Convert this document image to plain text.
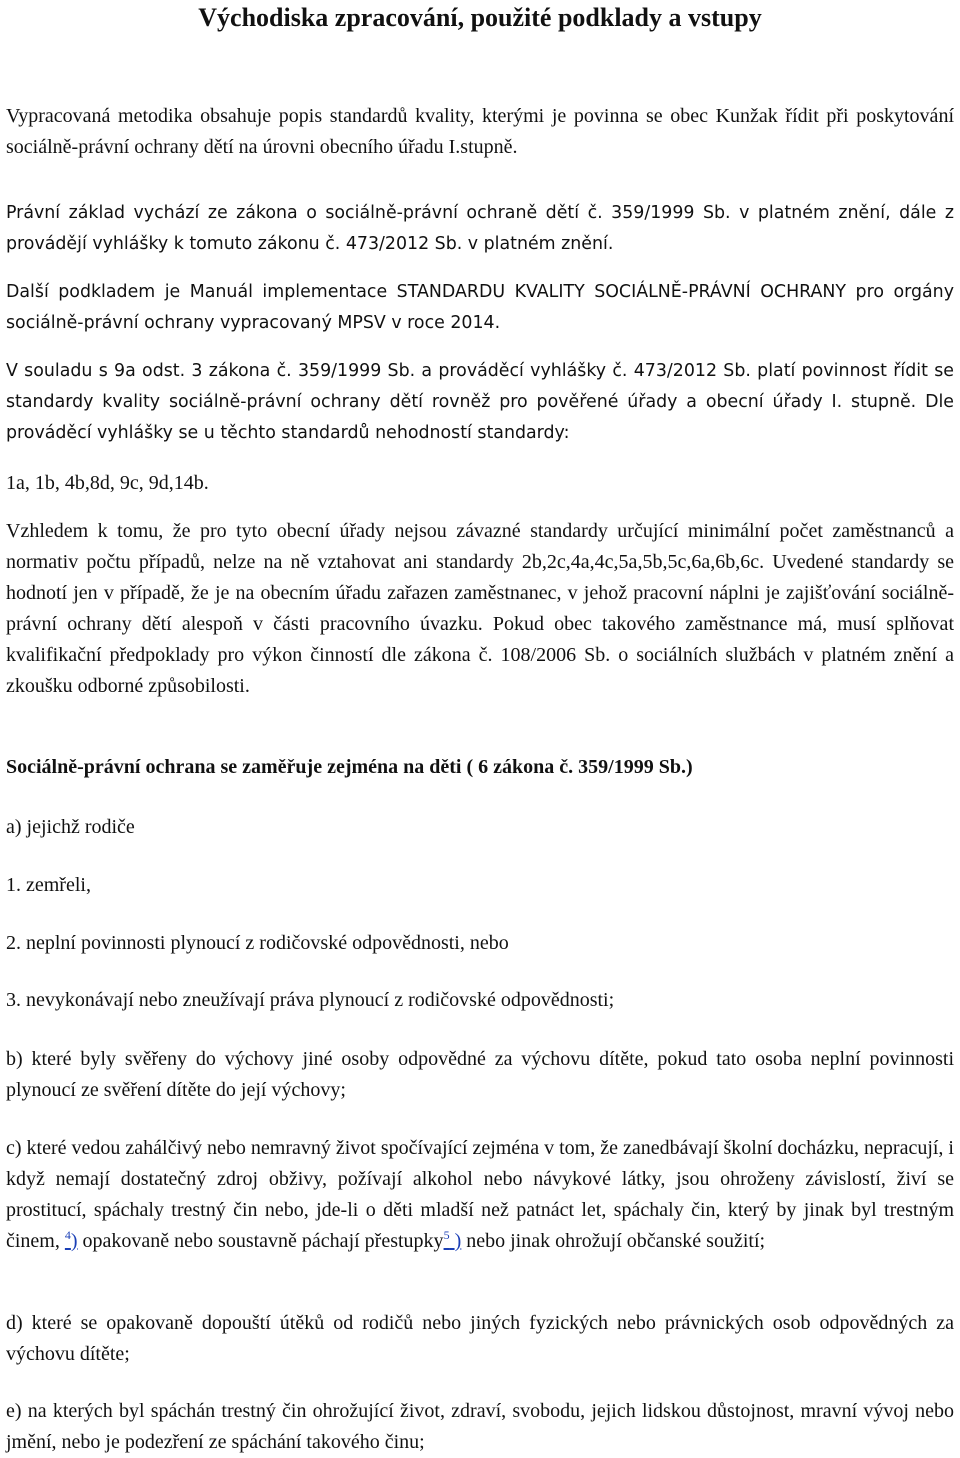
Východiska zpracování, použité podklady a vstupy

Vypracovaná metodika obsahuje popis standardů kvality, kterými je povinna se obec Kunžak řídit při poskytování sociálně-právní ochrany dětí na úrovni obecního úřadu I.stupně.

Právní základ vychází ze zákona o sociálně-právní ochraně dětí č. 359/1999 Sb. v platném znění, dále z provádějí vyhlášky k tomuto zákonu č. 473/2012 Sb. v platném znění.

Další podkladem je Manuál implementace STANDARDU KVALITY SOCIÁLNĚ-PRÁVNÍ OCHRANY pro orgány sociálně-právní ochrany vypracovaný MPSV v roce 2014.

V souladu s 9a odst. 3 zákona č. 359/1999 Sb. a prováděcí vyhlášky č. 473/2012 Sb. platí povinnost řídit se standardy kvality sociálně-právní ochrany dětí rovněž pro pověřené úřady a obecní úřady I. stupně. Dle prováděcí vyhlášky se u těchto standardů nehodností standardy:

1a, 1b, 4b,8d, 9c, 9d,14b.

Vzhledem k tomu, že pro tyto obecní úřady nejsou závazné standardy určující minimální počet zaměstnanců a normativ počtu případů, nelze na ně vztahovat ani standardy 2b,2c,4a,4c,5a,5b,5c,6a,6b,6c. Uvedené standardy se hodnotí jen v případě, že je na obecním úřadu zařazen zaměstnanec, v jehož pracovní náplni je zajišťování sociálně-právní ochrany dětí alespoň v části pracovního úvazku. Pokud obec takového zaměstnance má, musí splňovat kvalifikační předpoklady pro výkon činností dle zákona č. 108/2006 Sb. o sociálních službách v platném znění a zkoušku odborné způsobilosti.

Sociálně-právní ochrana se zaměřuje zejména na děti ( 6 zákona č. 359/1999 Sb.)

a) jejichž rodiče

1. zemřeli,

2. neplní povinnosti plynoucí z rodičovské odpovědnosti, nebo

3. nevykonávají nebo zneužívají práva plynoucí z rodičovské odpovědnosti;

b) které byly svěřeny do výchovy jiné osoby odpovědné za výchovu dítěte, pokud tato osoba neplní povinnosti plynoucí ze svěření dítěte do její výchovy;

c) které vedou zahálčivý nebo nemravný život spočívající zejména v tom, že zanedbávají školní docházku, nepracují, i když nemají dostatečný zdroj obživy, požívají alkohol nebo návykové látky, jsou ohroženy závislostí, živí se prostitucí, spáchaly trestný čin nebo, jde-li o děti mladší než patnáct let, spáchaly čin, který by jinak byl trestným činem, $^4$) opakovaně nebo soustavně páchají přestupky$^5$ ) nebo jinak ohrožují občanské soužití;

d) které se opakovaně dopouští útěků od rodičů nebo jiných fyzických nebo právnických osob odpovědných za výchovu dítěte;

e) na kterých byl spáchán trestný čin ohrožující život, zdraví, svobodu, jejich lidskou důstojnost, mravní vývoj nebo jmění, nebo je podezření ze spáchání takového činu;
